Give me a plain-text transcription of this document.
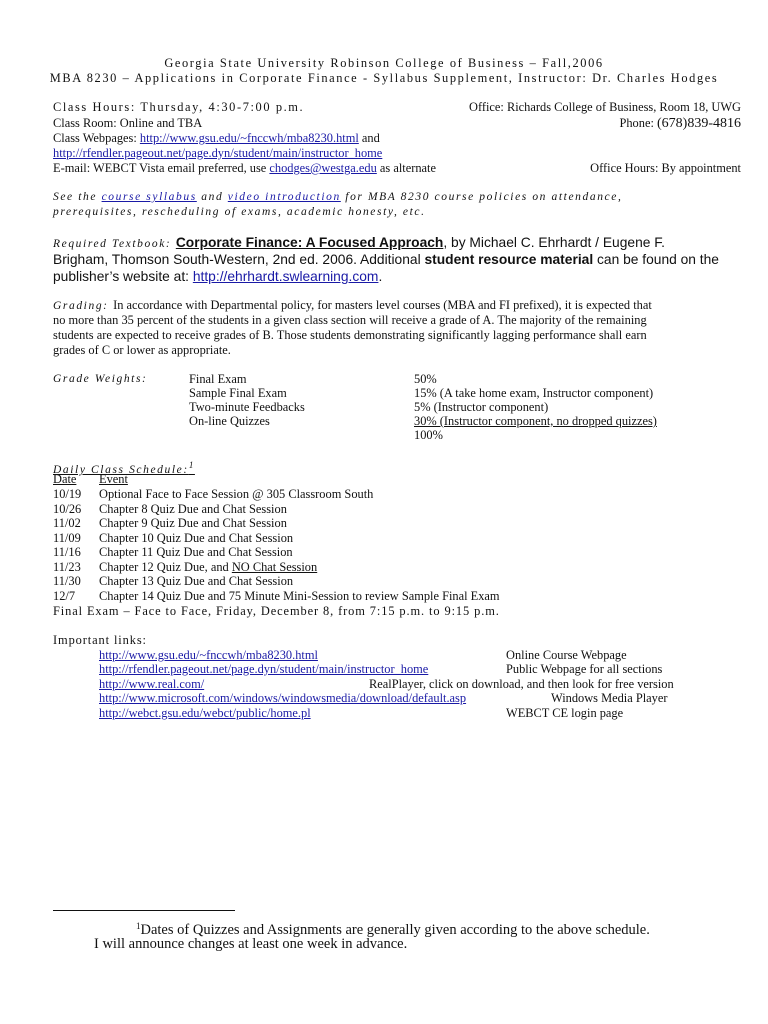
Georgia State University Robinson College of Business – Fall,2006
MBA 8230 – Applications in Corporate Finance - Syllabus Supplement, Instructor: Dr. Charles Hodges
Class Hours: Thursday, 4:30-7:00 p.m.	Office: Richards College of Business, Room 18, UWG
Class Room: Online and TBA	Phone: (678)839-4816
Class Webpages: http://www.gsu.edu/~fnccwh/mba8230.html and
http://rfendler.pageout.net/page.dyn/student/main/instructor_home
E-mail: WEBCT Vista email preferred, use chodges@westga.edu as alternate	Office Hours: By appointment
See the course syllabus and video introduction for MBA 8230 course policies on attendance,
prerequisites, rescheduling of exams, academic honesty, etc.
Required Textbook: Corporate Finance: A Focused Approach, by Michael C. Ehrhardt / Eugene F.
Brigham, Thomson South-Western, 2nd ed. 2006. Additional student resource material can be found on the
publisher’s website at: http://ehrhardt.swlearning.com.
Grading: In accordance with Departmental policy, for masters level courses (MBA and FI prefixed), it is expected that
no more than 35 percent of the students in a given class section will receive a grade of A. The majority of the remaining
students are expected to receive grades of B. Those students demonstrating significantly lagging performance shall earn
grades of C or lower as appropriate.
Grade Weights:	Final Exam	50%
Sample Final Exam	15% (A take home exam, Instructor component)
Two-minute Feedbacks	5% (Instructor component)
On-line Quizzes	30% (Instructor component, no dropped quizzes)
100%
Daily Class Schedule:$^1$
Date Event
10/19 Optional Face to Face Session @ 305 Classroom South
10/26 Chapter 8 Quiz Due and Chat Session
11/02 Chapter 9 Quiz Due and Chat Session
11/09 Chapter 10 Quiz Due and Chat Session
11/16 Chapter 11 Quiz Due and Chat Session
11/23 Chapter 12 Quiz Due, and NO Chat Session
11/30 Chapter 13 Quiz Due and Chat Session
12/7 Chapter 14 Quiz Due and 75 Minute Mini-Session to review Sample Final Exam
Final Exam – Face to Face, Friday, December 8, from 7:15 p.m. to 9:15 p.m.
Important links:
http://www.gsu.edu/~fnccwh/mba8230.html	Online Course Webpage
http://rfendler.pageout.net/page.dyn/student/main/instructor_home	Public Webpage for all sections
http://www.real.com/	RealPlayer, click on download, and then look for free version
http://www.microsoft.com/windows/windowsmedia/download/default.asp	Windows Media Player
http://webct.gsu.edu/webct/public/home.pl	WEBCT CE login page
$^1$Dates of Quizzes and Assignments are generally given according to the above schedule.
I will announce changes at least one week in advance.
